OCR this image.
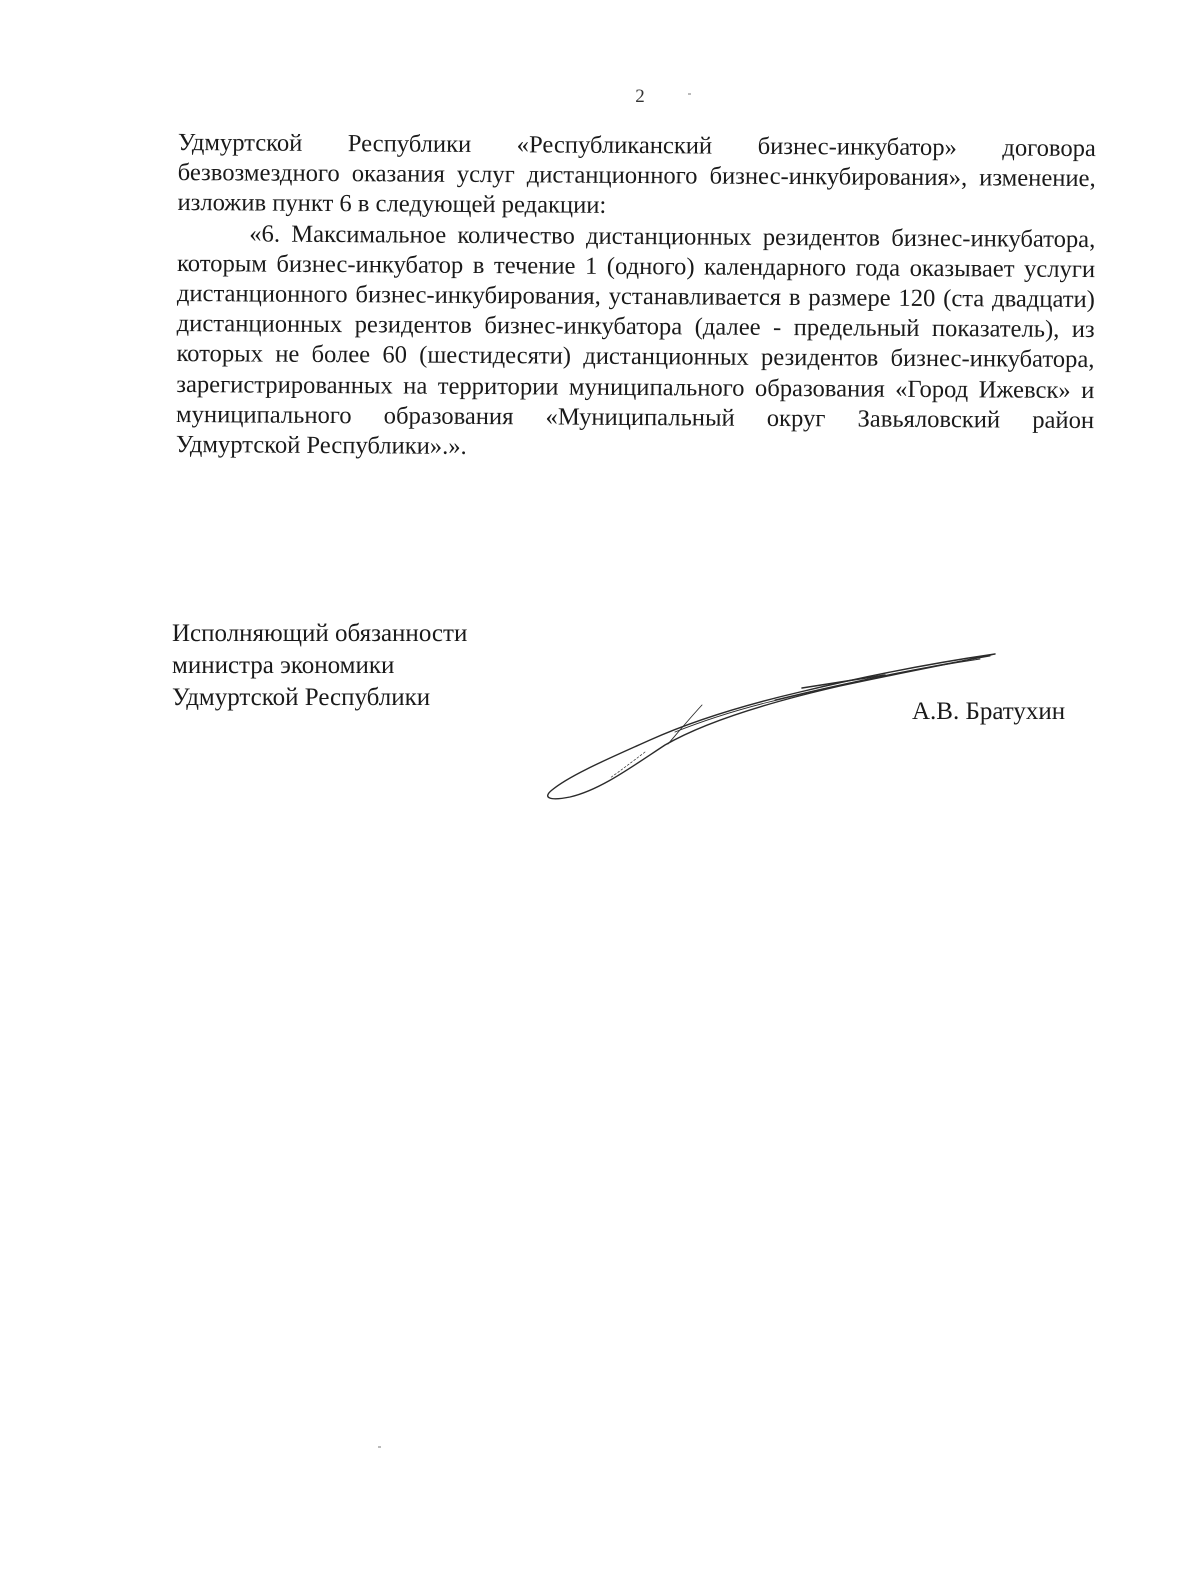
2

Удмуртской Республики «Республиканский бизнес-инкубатор» договора безвозмездного оказания услуг дистанционного бизнес-инкубирования», изменение, изложив пункт 6 в следующей редакции:

«6. Максимальное количество дистанционных резидентов бизнес-инкубатора, которым бизнес-инкубатор в течение 1 (одного) календарного года оказывает услуги дистанционного бизнес-инкубирования, устанавливается в размере 120 (ста двадцати) дистанционных резидентов бизнес-инкубатора (далее - предельный показатель), из которых не более 60 (шестидесяти) дистанционных резидентов бизнес-инкубатора, зарегистрированных на территории муниципального образования «Город Ижевск» и муниципального образования «Муниципальный округ Завьяловский район Удмуртской Республики».».

Исполняющий обязанности
министра экономики
Удмуртской Республики
А.В. Братухин
